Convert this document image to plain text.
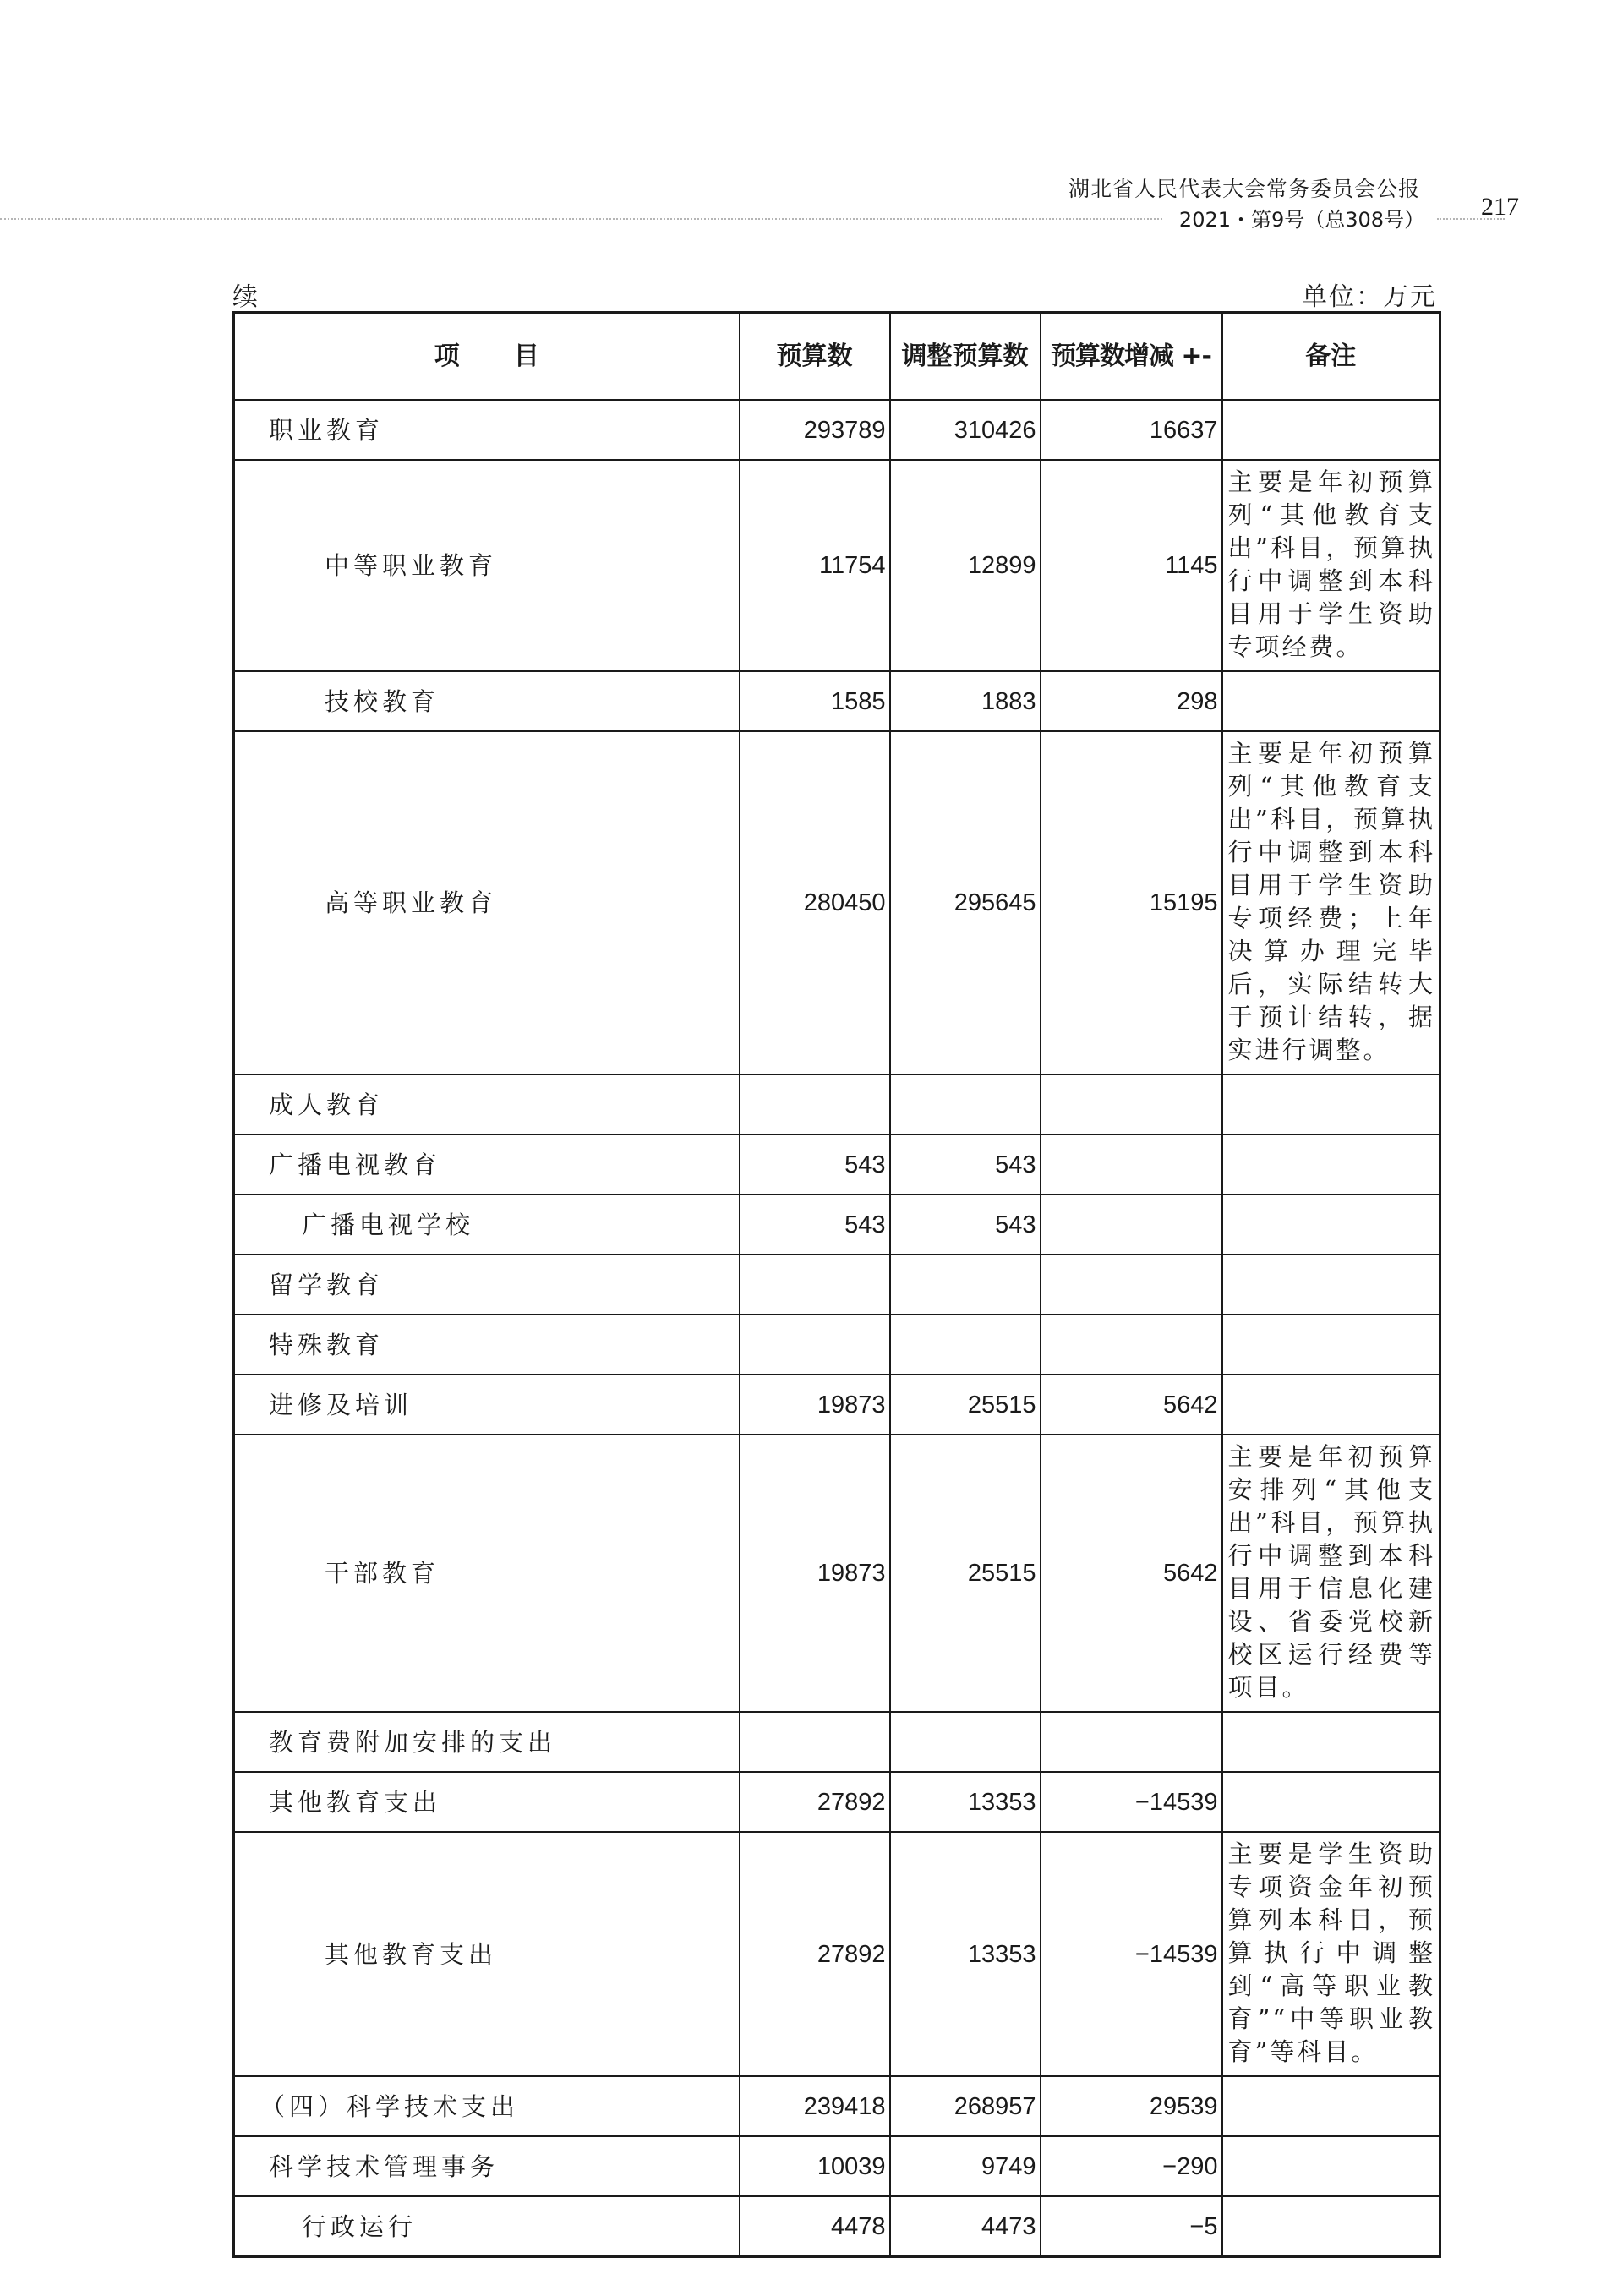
湖北省人民代表大会常务委员会公报
2021・第9号（总308号）	217
续	单位：万元
项目	预算数	调整预算数	预算数增减 +-	备注
职业教育	293789	310426	16637	
中等职业教育	11754	12899	1145	主要是年初预算列“其他教育支出”科目，预算执行中调整到本科目用于学生资助专项经费。
技校教育	1585	1883	298	
高等职业教育	280450	295645	15195	主要是年初预算列“其他教育支出”科目，预算执行中调整到本科目用于学生资助专项经费；上年决算办理完毕后，实际结转大于预计结转，据实进行调整。
成人教育				
广播电视教育	543	543		
广播电视学校	543	543		
留学教育				
特殊教育				
进修及培训	19873	25515	5642	
干部教育	19873	25515	5642	主要是年初预算安排列“其他支出”科目，预算执行中调整到本科目用于信息化建设、省委党校新校区运行经费等项目。
教育费附加安排的支出				
其他教育支出	27892	13353	−14539	
其他教育支出	27892	13353	−14539	主要是学生资助专项资金年初预算列本科目，预算执行中调整到“高等职业教育”“中等职业教育”等科目。
（四）科学技术支出	239418	268957	29539	
科学技术管理事务	10039	9749	−290	
行政运行	4478	4473	−5	
